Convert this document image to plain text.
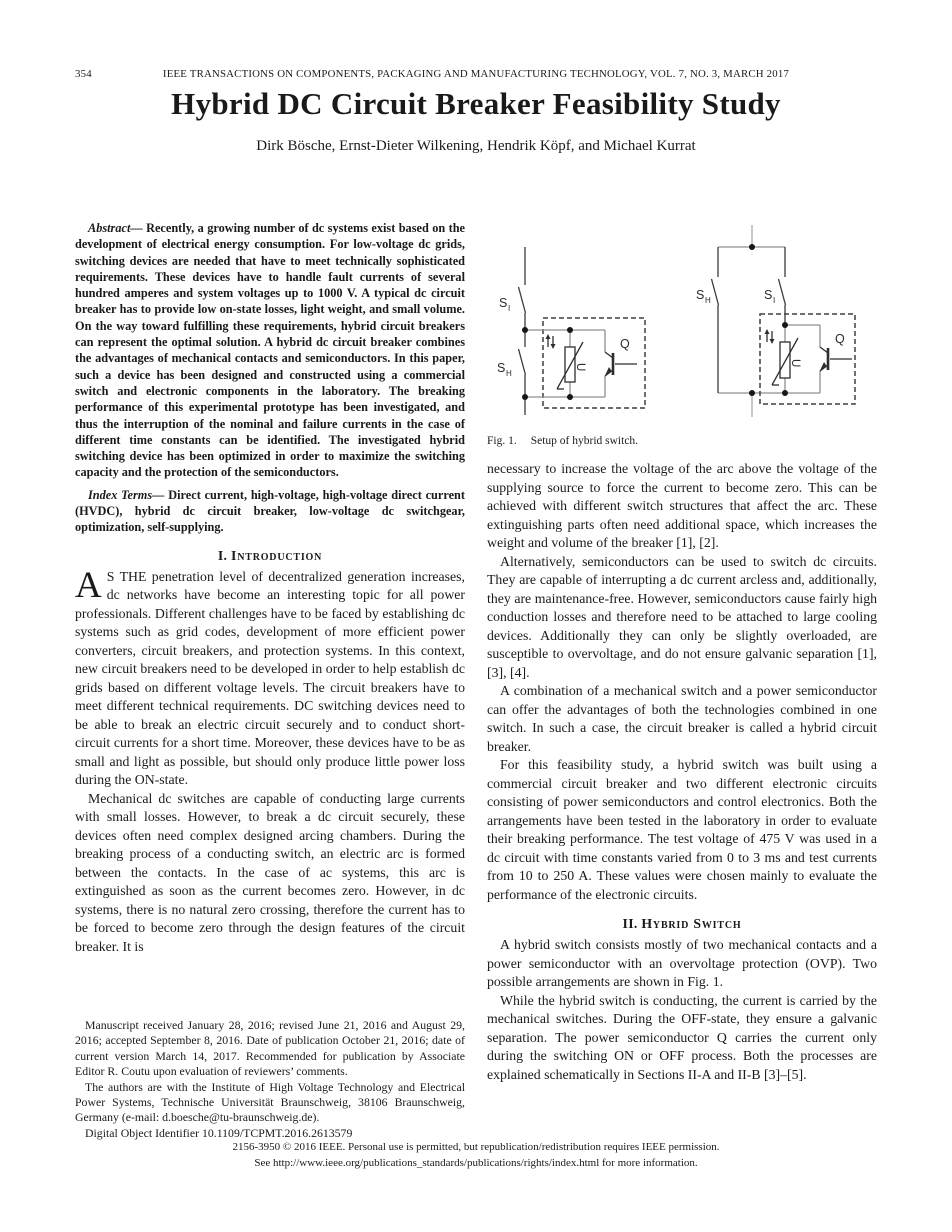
354	IEEE TRANSACTIONS ON COMPONENTS, PACKAGING AND MANUFACTURING TECHNOLOGY, VOL. 7, NO. 3, MARCH 2017
Hybrid DC Circuit Breaker Feasibility Study
Dirk Bösche, Ernst-Dieter Wilkening, Hendrik Köpf, and Michael Kurrat

Abstract— Recently, a growing number of dc systems exist based on the development of electrical energy consumption. For low-voltage dc grids, switching devices are needed that have to meet technically sophisticated requirements. These devices have to handle fault currents of several hundred amperes and system voltages up to 1000 V. A typical dc circuit breaker has to provide low on-state losses, light weight, and small volume. On the way toward fulfilling these requirements, hybrid circuit breakers can represent the optimal solution. A hybrid dc circuit breaker combines the advantages of mechanical contacts and semiconductors. In this paper, such a device has been designed and constructed using a commercial switch and electronic components in the laboratory. The breaking performance of this experimental prototype has been investigated, and thus the interruption of the nominal and failure currents in the case of different time constants can be identified. The investigated hybrid switching device has been optimized in order to maximize the switching capacity and the protection of the semiconductors.

Index Terms— Direct current, high-voltage, high-voltage direct current (HVDC), hybrid dc circuit breaker, low-voltage dc switchgear, optimization, self-supplying.

I. Introduction

A S THE penetration level of decentralized generation increases, dc networks have become an interesting topic for all power professionals. Different challenges have to be faced by establishing dc systems such as grid codes, development of more efficient power converters, circuit breakers, and protection systems. In this context, new circuit breakers need to be developed in order to help establish dc grids based on different voltage levels. The circuit breakers have to meet different technical requirements. DC switching devices need to be able to break an electric circuit securely and to conduct short-circuit currents for a short time. Moreover, these devices have to be as small and light as possible, but should only produce little power loss during the ON-state.

Mechanical dc switches are capable of conducting large currents with small losses. However, to break a dc circuit securely, these devices often need complex designed arcing chambers. During the breaking process of a conducting switch, an electric arc is formed between the contacts. In the case of ac systems, this arc is extinguished as soon as the current becomes zero. However, in dc systems, there is no natural zero crossing, therefore the current has to be forced to become zero through the design features of the circuit breaker. It is

Manuscript received January 28, 2016; revised June 21, 2016 and August 29, 2016; accepted September 8, 2016. Date of publication October 21, 2016; date of current version March 14, 2017. Recommended for publication by Associate Editor R. Coutu upon evaluation of reviewers’ comments.

The authors are with the Institute of High Voltage Technology and Electrical Power Systems, Technische Universität Braunschweig, 38106 Braunschweig, Germany (e-mail: d.boesche@tu-braunschweig.de).

Digital Object Identifier 10.1109/TCPMT.2016.2613579

S I
S H
Q
U
S H	S I
Q
U

Fig. 1. Setup of hybrid switch.

necessary to increase the voltage of the arc above the voltage of the supplying source to force the current to become zero. This can be achieved with different switch structures that affect the arc. These extinguishing parts often need additional space, which increases the weight and volume of the breaker [1], [2].

Alternatively, semiconductors can be used to switch dc circuits. They are capable of interrupting a dc current arcless and, additionally, they are maintenance-free. However, semiconductors cause fairly high conduction losses and therefore need to be attached to large cooling devices. Additionally they can only be slightly overloaded, are susceptible to overvoltage, and do not ensure galvanic separation [1], [3], [4].

A combination of a mechanical switch and a power semiconductor can offer the advantages of both the technologies combined in one switch. In such a case, the circuit breaker is called a hybrid circuit breaker.

For this feasibility study, a hybrid switch was built using a commercial circuit breaker and two different electronic circuits consisting of power semiconductors and control electronics. Both the arrangements have been tested in the laboratory in order to evaluate their breaking performance. The test voltage of 475 V was used in a dc circuit with time constants varied from 0 to 3 ms and test currents from 10 to 250 A. These values were chosen mainly to evaluate the performance of the electronic circuits.

II. Hybrid Switch

A hybrid switch consists mostly of two mechanical contacts and a power semiconductor with an overvoltage protection (OVP). Two possible arrangements are shown in Fig. 1.

While the hybrid switch is conducting, the current is carried by the mechanical switches. During the OFF-state, they ensure a galvanic separation. The power semiconductor Q carries the current only during the switching ON or OFF process. Both the processes are explained schematically in Sections II-A and II-B [3]–[5].

2156-3950 © 2016 IEEE. Personal use is permitted, but republication/redistribution requires IEEE permission.
See http://www.ieee.org/publications_standards/publications/rights/index.html for more information.
